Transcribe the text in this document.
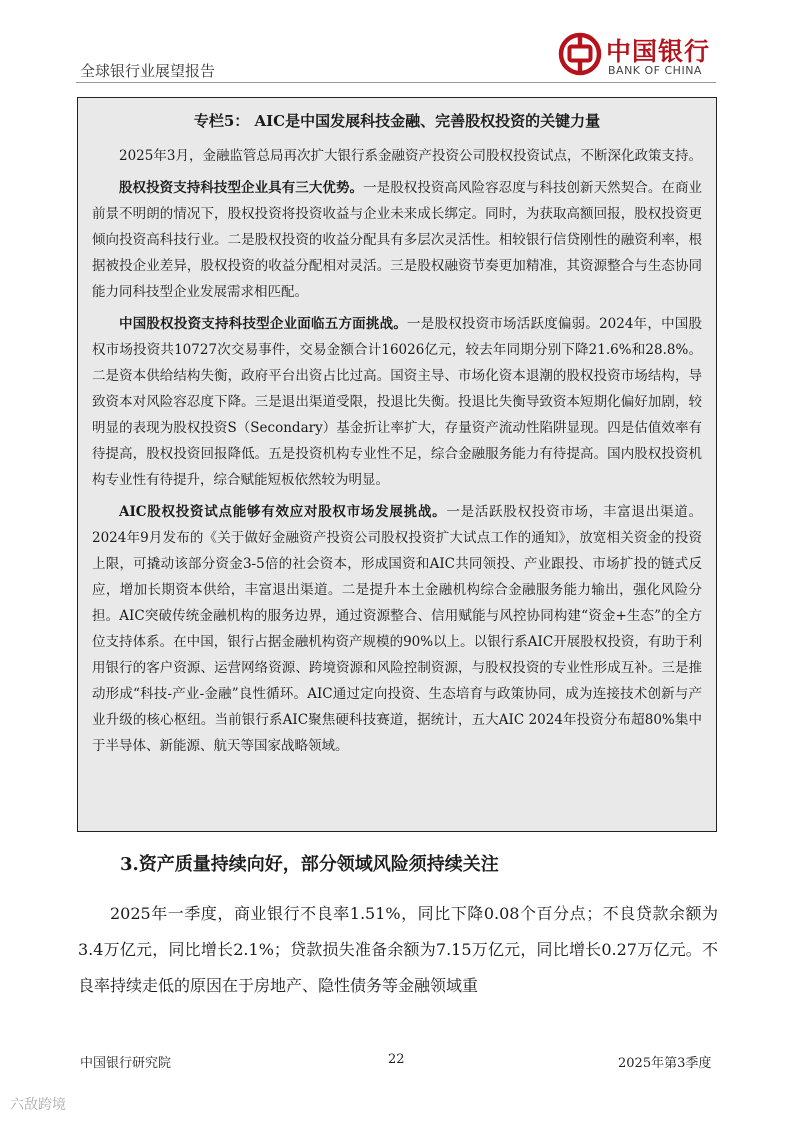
全球银行业展望报告
中国银行
BANK OF CHINA
专栏5： AIC是中国发展科技金融、完善股权投资的关键力量

2025年3月，金融监管总局再次扩大银行系金融资产投资公司股权投资试点，不断深化政策支持。

股权投资支持科技型企业具有三大优势。一是股权投资高风险容忍度与科技创新天然契合。在商业前景不明朗的情况下，股权投资将投资收益与企业未来成长绑定。同时，为获取高额回报，股权投资更倾向投资高科技行业。二是股权投资的收益分配具有多层次灵活性。相较银行信贷刚性的融资利率，根据被投企业差异，股权投资的收益分配相对灵活。三是股权融资节奏更加精准，其资源整合与生态协同能力同科技型企业发展需求相匹配。

中国股权投资支持科技型企业面临五方面挑战。一是股权投资市场活跃度偏弱。2024年，中国股权市场投资共10727次交易事件，交易金额合计16026亿元，较去年同期分别下降21.6%和28.8%。二是资本供给结构失衡，政府平台出资占比过高。国资主导、市场化资本退潮的股权投资市场结构，导致资本对风险容忍度下降。三是退出渠道受限，投退比失衡。投退比失衡导致资本短期化偏好加剧，较明显的表现为股权投资S（Secondary）基金折让率扩大，存量资产流动性陷阱显现。四是估值效率有待提高，股权投资回报降低。五是投资机构专业性不足，综合金融服务能力有待提高。国内股权投资机构专业性有待提升，综合赋能短板依然较为明显。

AIC股权投资试点能够有效应对股权市场发展挑战。一是活跃股权投资市场，丰富退出渠道。2024年9月发布的《关于做好金融资产投资公司股权投资扩大试点工作的通知》，放宽相关资金的投资上限，可撬动该部分资金3-5倍的社会资本，形成国资和AIC共同领投、产业跟投、市场扩投的链式反应，增加长期资本供给，丰富退出渠道。二是提升本土金融机构综合金融服务能力输出，强化风险分担。AIC突破传统金融机构的服务边界，通过资源整合、信用赋能与风控协同构建“资金+生态”的全方位支持体系。在中国，银行占据金融机构资产规模的90%以上。以银行系AIC开展股权投资，有助于利用银行的客户资源、运营网络资源、跨境资源和风险控制资源，与股权投资的专业性形成互补。三是推动形成“科技-产业-金融”良性循环。AIC通过定向投资、生态培育与政策协同，成为连接技术创新与产业升级的核心枢纽。当前银行系AIC聚焦硬科技赛道，据统计，五大AIC 2024年投资分布超80%集中于半导体、新能源、航天等国家战略领域。

3.资产质量持续向好，部分领域风险须持续关注
2025年一季度，商业银行不良率1.51%，同比下降0.08个百分点；不良贷款余额为3.4万亿元，同比增长2.1%；贷款损失准备余额为7.15万亿元，同比增长0.27万亿元。不良率持续走低的原因在于房地产、隐性债务等金融领域重
中国银行研究院	22	2025年第3季度
六敌跨境
